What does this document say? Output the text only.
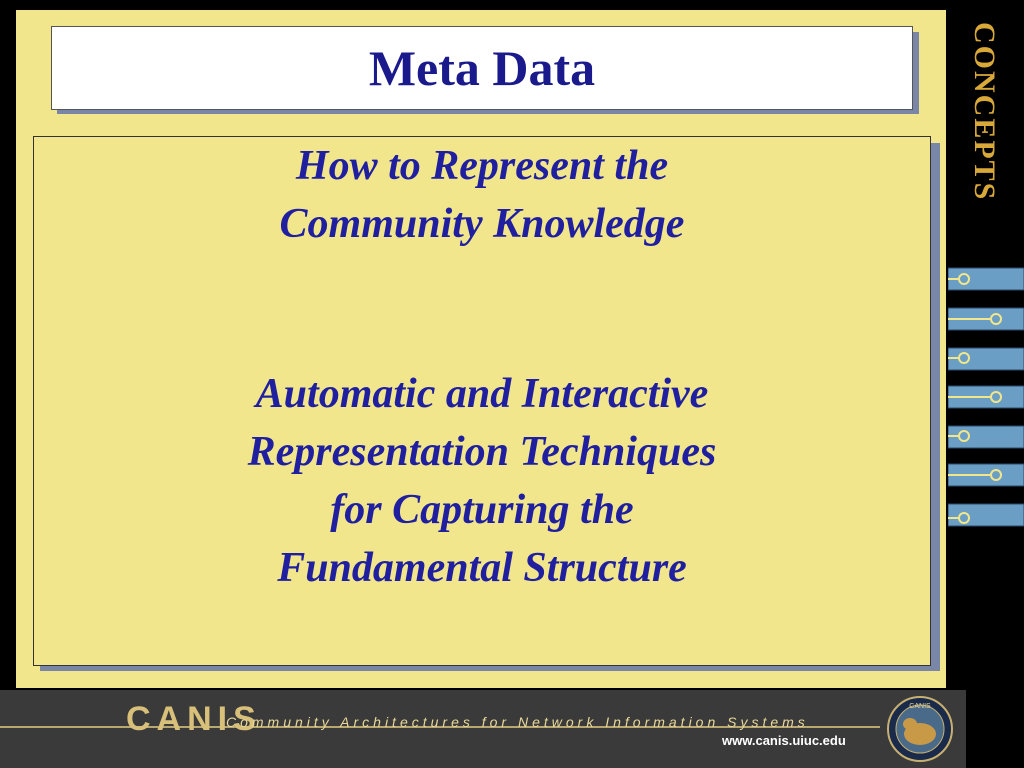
Meta Data
How to Represent the
Community Knowledge
Automatic and Interactive
Representation Techniques
for Capturing the
Fundamental Structure
CONCEPTS
CANIS
Community Architectures for Network Information Systems
www.canis.uiuc.edu
CANIS
